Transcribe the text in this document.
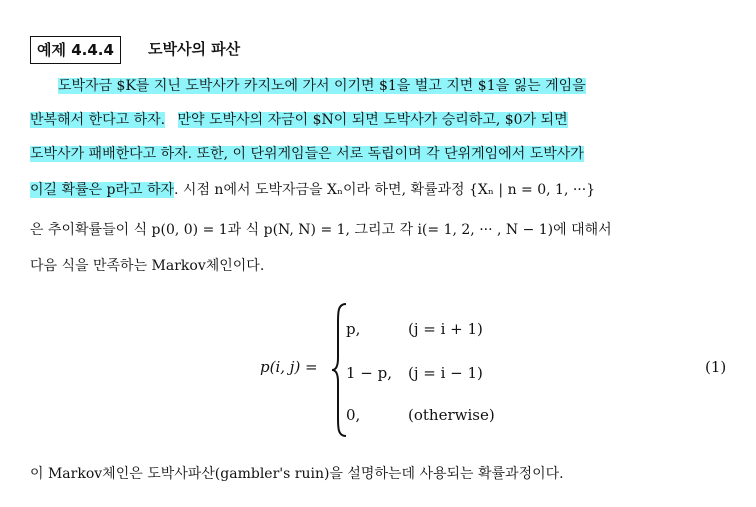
예제 4.4.4	도박사의 파산
도박자금 $K를 지닌 도박사가 카지노에 가서 이기면 $1을 벌고 지면 $1을 잃는 게임을
반복해서 한다고 하자. 만약 도박사의 자금이 $N이 되면 도박사가 승리하고, $0가 되면
도박사가 패배한다고 하자. 또한, 이 단위게임들은 서로 독립이며 각 단위게임에서 도박사가
이길 확률은 p라고 하자. 시점 n에서 도박자금을 Xₙ이라 하면, 확률과정 {Xₙ | n = 0, 1, ···}
은 추이확률들이 식 p(0, 0) = 1과 식 p(N, N) = 1, 그리고 각 i(= 1, 2, ··· , N − 1)에 대해서
다음 식을 만족하는 Markov체인이다.
p(i, j) =
p,	(j = i + 1)
1 − p, (j = i − 1)
0,	(otherwise)
(1)
이 Markov체인은 도박사파산(gambler's ruin)을 설명하는데 사용되는 확률과정이다.
